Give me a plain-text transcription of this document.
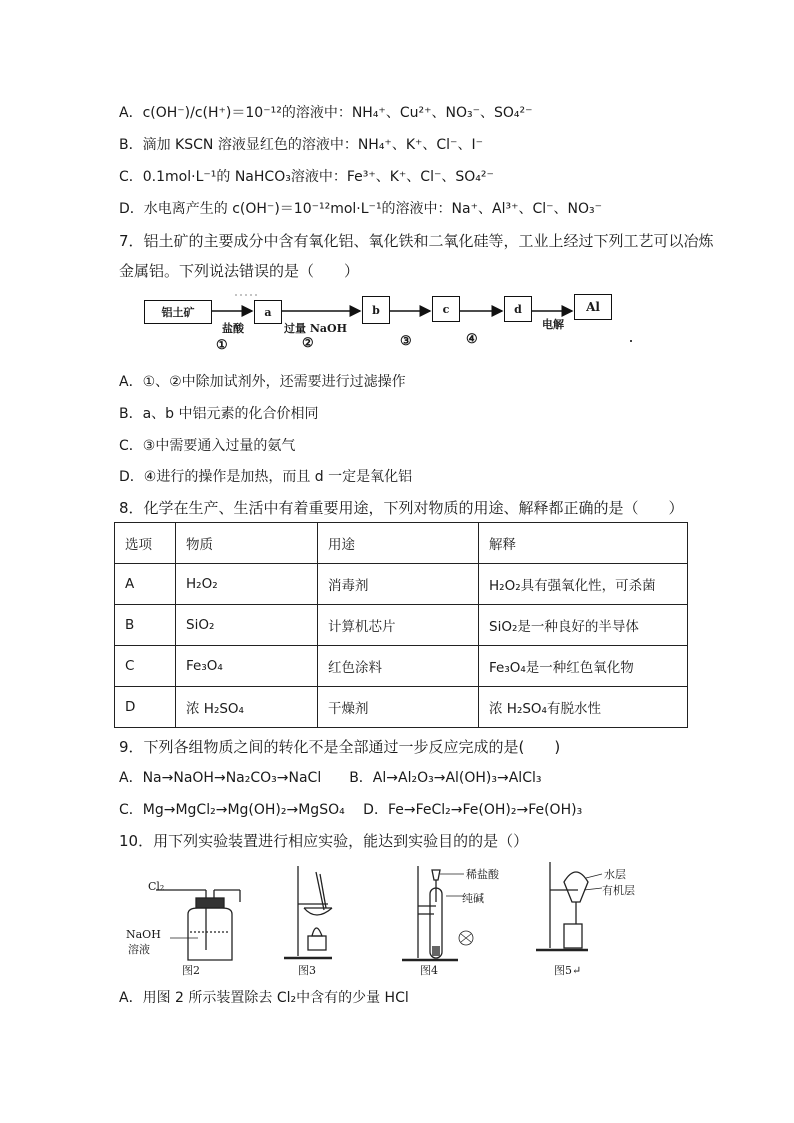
A．c(OH⁻)/c(H⁺)＝10⁻¹²的溶液中：NH₄⁺、Cu²⁺、NO₃⁻、SO₄²⁻
B．滴加 KSCN 溶液显红色的溶液中：NH₄⁺、K⁺、Cl⁻、I⁻
C．0.1mol·L⁻¹的 NaHCO₃溶液中：Fe³⁺、K⁺、Cl⁻、SO₄²⁻
D．水电离产生的 c(OH⁻)＝10⁻¹²mol·L⁻¹的溶液中：Na⁺、Al³⁺、Cl⁻、NO₃⁻
7．铝土矿的主要成分中含有氧化铝、氧化铁和二氧化硅等，工业上经过下列工艺可以冶炼
金属铝。下列说法错误的是（　　）
铝土矿	a	b	c	d	Al
盐酸	过量 NaOH	电解
①	②	③	④
A．①、②中除加试剂外，还需要进行过滤操作
B．a、b 中铝元素的化合价相同
C．③中需要通入过量的氨气
D．④进行的操作是加热，而且 d 一定是氧化铝
8．化学在生产、生活中有着重要用途，下列对物质的用途、解释都正确的是（　　）
选项	物质	用途	解释
A	H₂O₂	消毒剂	H₂O₂具有强氧化性，可杀菌
B	SiO₂	计算机芯片	SiO₂是一种良好的半导体
C	Fe₃O₄	红色涂料	Fe₃O₄是一种红色氧化物
D	浓 H₂SO₄	干燥剂	浓 H₂SO₄有脱水性
9．下列各组物质之间的转化不是全部通过一步反应完成的是(　　)
A．Na→NaOH→Na₂CO₃→NaCl　　B．Al→Al₂O₃→Al(OH)₃→AlCl₃
C．Mg→MgCl₂→Mg(OH)₂→MgSO₄　 D．Fe→FeCl₂→Fe(OH)₂→Fe(OH)₃
10．用下列实验装置进行相应实验，能达到实验目的的是（）
Cl₂
NaOH
溶液
稀盐酸
纯碱
水层
有机层
图2	图3	图4	图5↵
A．用图 2 所示装置除去 Cl₂中含有的少量 HCl
